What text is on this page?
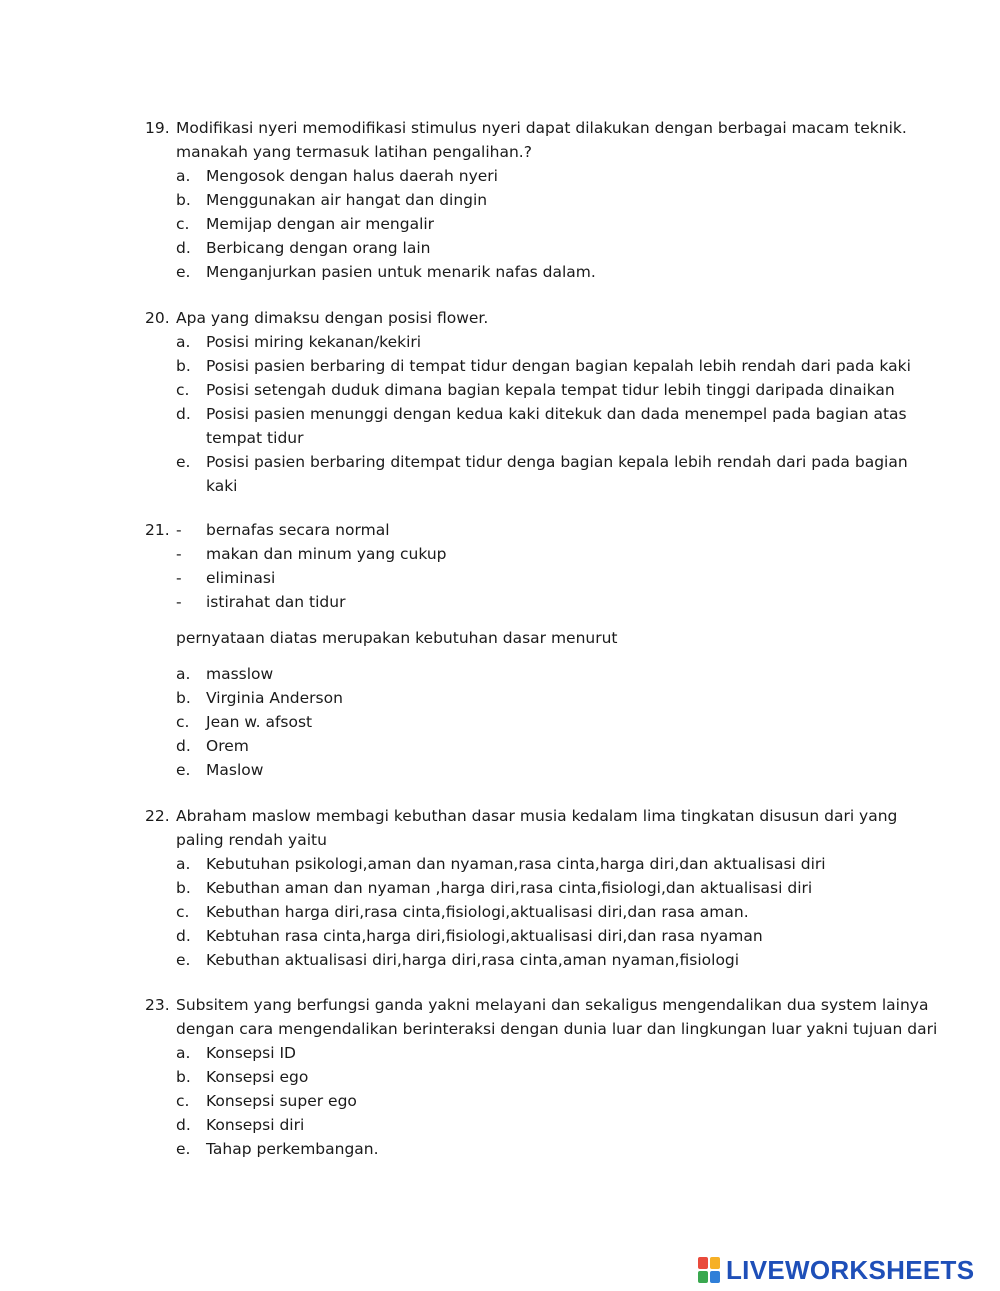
19. Modifikasi nyeri memodifikasi stimulus nyeri dapat dilakukan dengan berbagai macam teknik.
manakah yang termasuk latihan pengalihan.?
a. Mengosok dengan halus daerah nyeri
b. Menggunakan air hangat dan dingin
c. Memijap dengan air mengalir
d. Berbicang dengan orang lain
e. Menganjurkan pasien untuk menarik nafas dalam.
20. Apa yang dimaksu dengan posisi flower.
a. Posisi miring kekanan/kekiri
b. Posisi pasien berbaring di tempat tidur dengan bagian kepalah lebih rendah dari pada kaki
c. Posisi setengah duduk dimana bagian kepala tempat tidur lebih tinggi daripada dinaikan
d. Posisi pasien menunggi dengan kedua kaki ditekuk dan dada menempel pada bagian atas
tempat tidur
e. Posisi pasien berbaring ditempat tidur denga bagian kepala lebih rendah dari pada bagian
kaki
21. - bernafas secara normal
- makan dan minum yang cukup
- eliminasi
- istirahat dan tidur
pernyataan diatas merupakan kebutuhan dasar menurut
a. masslow
b. Virginia Anderson
c. Jean w. afsost
d. Orem
e. Maslow
22. Abraham maslow membagi kebuthan dasar musia kedalam lima tingkatan disusun dari yang
paling rendah yaitu
a. Kebutuhan psikologi,aman dan nyaman,rasa cinta,harga diri,dan aktualisasi diri
b. Kebuthan aman dan nyaman ,harga diri,rasa cinta,fisiologi,dan aktualisasi diri
c. Kebuthan harga diri,rasa cinta,fisiologi,aktualisasi diri,dan rasa aman.
d. Kebtuhan rasa cinta,harga diri,fisiologi,aktualisasi diri,dan rasa nyaman
e. Kebuthan aktualisasi diri,harga diri,rasa cinta,aman nyaman,fisiologi
23. Subsitem yang berfungsi ganda yakni melayani dan sekaligus mengendalikan dua system lainya
dengan cara mengendalikan berinteraksi dengan dunia luar dan lingkungan luar yakni tujuan dari
a. Konsepsi ID
b. Konsepsi ego
c. Konsepsi super ego
d. Konsepsi diri
e. Tahap perkembangan.
LIVEWORKSHEETS
